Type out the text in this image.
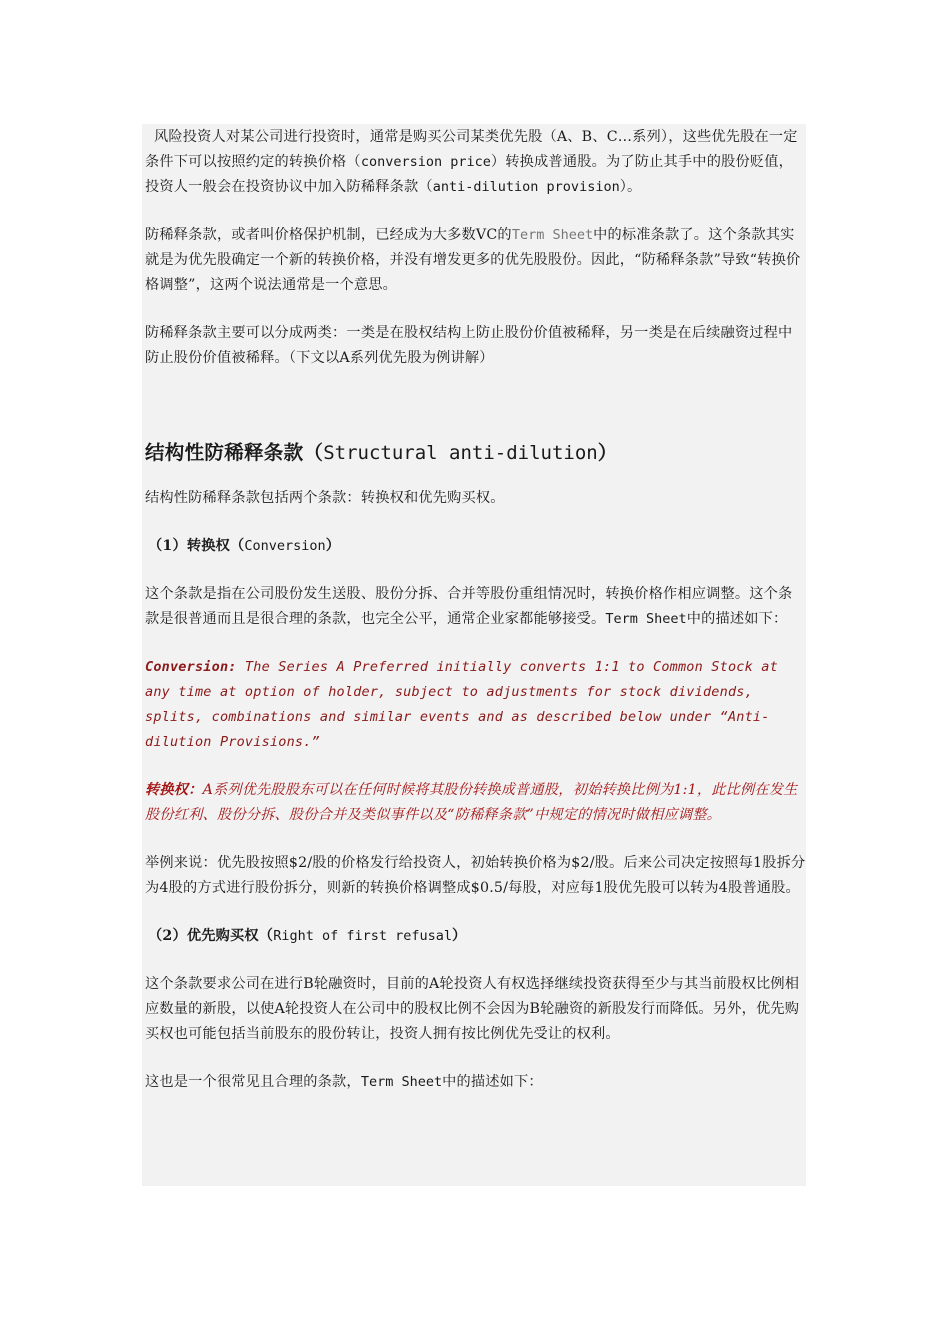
风险投资人对某公司进行投资时，通常是购买公司某类优先股（A、B、C…系列），这些优先股在一定条件下可以按照约定的转换价格（conversion price）转换成普通股。为了防止其手中的股份贬值，投资人一般会在投资协议中加入防稀释条款（anti-dilution provision）。

防稀释条款，或者叫价格保护机制，已经成为大多数VC的Term Sheet中的标准条款了。这个条款其实就是为优先股确定一个新的转换价格，并没有增发更多的优先股股份。因此，“防稀释条款”导致“转换价格调整”，这两个说法通常是一个意思。

防稀释条款主要可以分成两类：一类是在股权结构上防止股份价值被稀释，另一类是在后续融资过程中防止股份价值被稀释。（下文以A系列优先股为例讲解）

结构性防稀释条款（Structural anti-dilution）

结构性防稀释条款包括两个条款：转换权和优先购买权。

（1）转换权（Conversion）

这个条款是指在公司股份发生送股、股份分拆、合并等股份重组情况时，转换价格作相应调整。这个条款是很普通而且是很合理的条款，也完全公平，通常企业家都能够接受。Term Sheet中的描述如下：

Conversion: The Series A Preferred initially converts 1:1 to Common Stock at any time at option of holder, subject to adjustments for stock dividends, splits, combinations and similar events and as described below under “Anti-dilution Provisions.”

转换权：A系列优先股股东可以在任何时候将其股份转换成普通股，初始转换比例为1:1，此比例在发生股份红利、股份分拆、股份合并及类似事件以及“防稀释条款”中规定的情况时做相应调整。

举例来说：优先股按照$2/股的价格发行给投资人，初始转换价格为$2/股。后来公司决定按照每1股拆分为4股的方式进行股份拆分，则新的转换价格调整成$0.5/每股，对应每1股优先股可以转为4股普通股。

（2）优先购买权（Right of first refusal）

这个条款要求公司在进行B轮融资时，目前的A轮投资人有权选择继续投资获得至少与其当前股权比例相应数量的新股，以使A轮投资人在公司中的股权比例不会因为B轮融资的新股发行而降低。另外，优先购买权也可能包括当前股东的股份转让，投资人拥有按比例优先受让的权利。

这也是一个很常见且合理的条款，Term Sheet中的描述如下：
